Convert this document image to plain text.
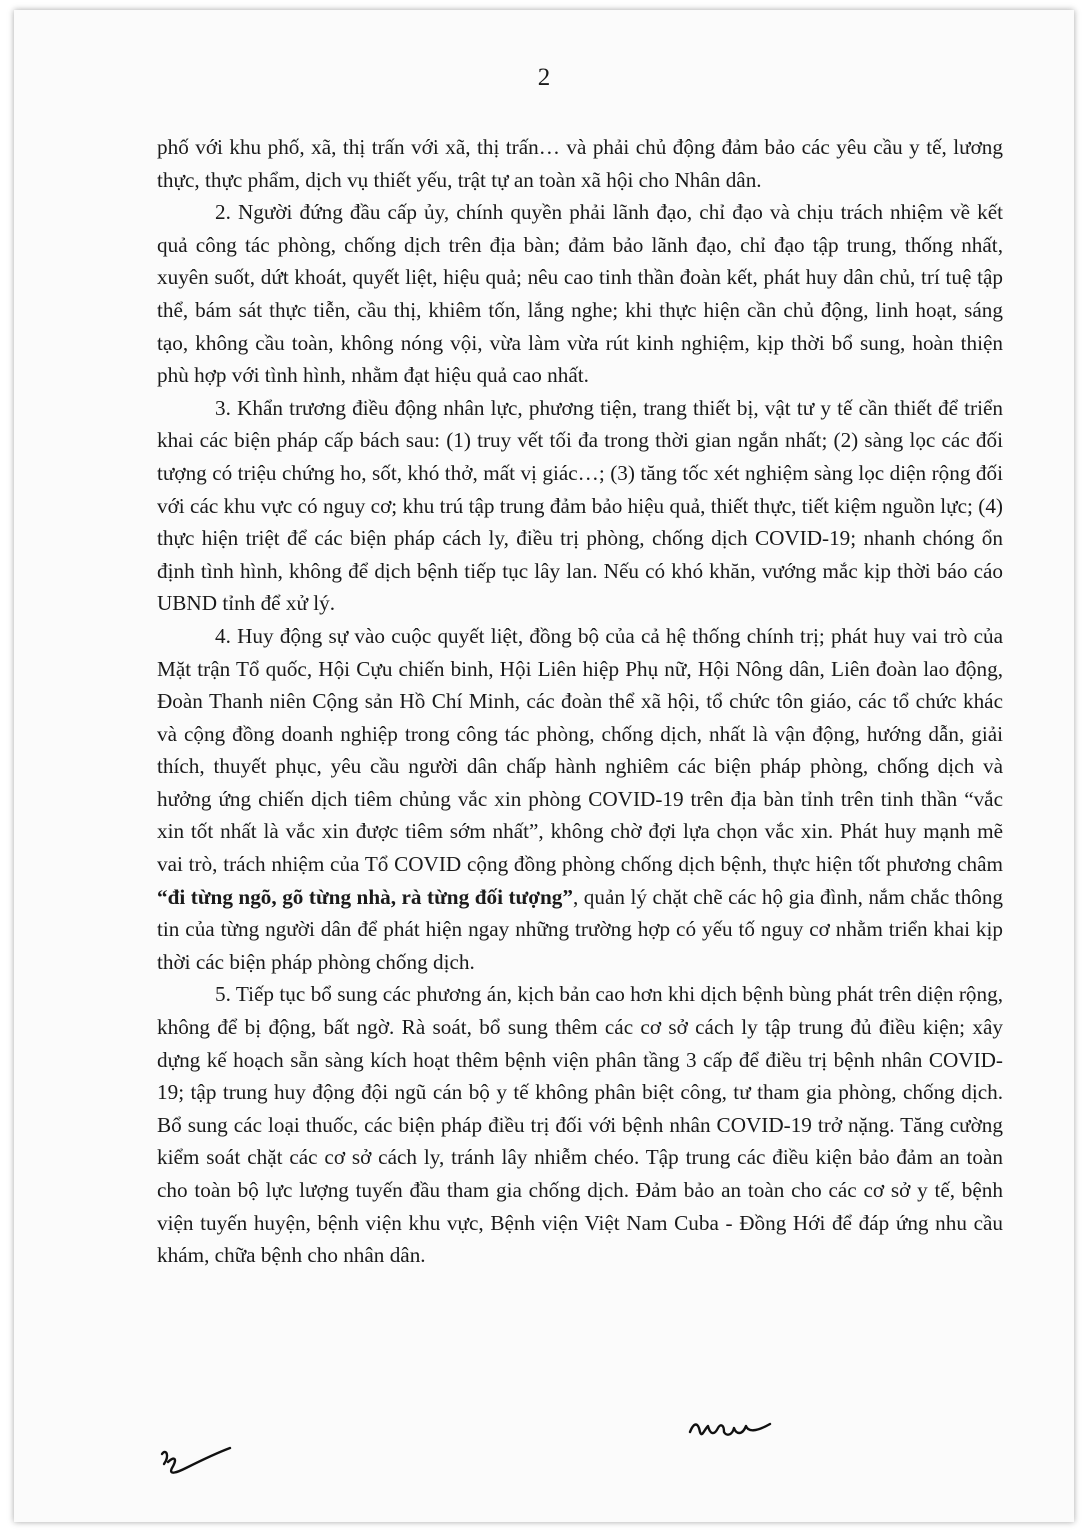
2

phố với khu phố, xã, thị trấn với xã, thị trấn… và phải chủ động đảm bảo các yêu cầu y tế, lương thực, thực phẩm, dịch vụ thiết yếu, trật tự an toàn xã hội cho Nhân dân.

2. Người đứng đầu cấp ủy, chính quyền phải lãnh đạo, chỉ đạo và chịu trách nhiệm về kết quả công tác phòng, chống dịch trên địa bàn; đảm bảo lãnh đạo, chỉ đạo tập trung, thống nhất, xuyên suốt, dứt khoát, quyết liệt, hiệu quả; nêu cao tinh thần đoàn kết, phát huy dân chủ, trí tuệ tập thể, bám sát thực tiễn, cầu thị, khiêm tốn, lắng nghe; khi thực hiện cần chủ động, linh hoạt, sáng tạo, không cầu toàn, không nóng vội, vừa làm vừa rút kinh nghiệm, kịp thời bổ sung, hoàn thiện phù hợp với tình hình, nhằm đạt hiệu quả cao nhất.

3. Khẩn trương điều động nhân lực, phương tiện, trang thiết bị, vật tư y tế cần thiết để triển khai các biện pháp cấp bách sau: (1) truy vết tối đa trong thời gian ngắn nhất; (2) sàng lọc các đối tượng có triệu chứng ho, sốt, khó thở, mất vị giác…; (3) tăng tốc xét nghiệm sàng lọc diện rộng đối với các khu vực có nguy cơ; khu trú tập trung đảm bảo hiệu quả, thiết thực, tiết kiệm nguồn lực; (4) thực hiện triệt để các biện pháp cách ly, điều trị phòng, chống dịch COVID-19; nhanh chóng ổn định tình hình, không để dịch bệnh tiếp tục lây lan. Nếu có khó khăn, vướng mắc kịp thời báo cáo UBND tỉnh để xử lý.

4. Huy động sự vào cuộc quyết liệt, đồng bộ của cả hệ thống chính trị; phát huy vai trò của Mặt trận Tổ quốc, Hội Cựu chiến binh, Hội Liên hiệp Phụ nữ, Hội Nông dân, Liên đoàn lao động, Đoàn Thanh niên Cộng sản Hồ Chí Minh, các đoàn thể xã hội, tổ chức tôn giáo, các tổ chức khác và cộng đồng doanh nghiệp trong công tác phòng, chống dịch, nhất là vận động, hướng dẫn, giải thích, thuyết phục, yêu cầu người dân chấp hành nghiêm các biện pháp phòng, chống dịch và hưởng ứng chiến dịch tiêm chủng vắc xin phòng COVID-19 trên địa bàn tỉnh trên tinh thần “vắc xin tốt nhất là vắc xin được tiêm sớm nhất”, không chờ đợi lựa chọn vắc xin. Phát huy mạnh mẽ vai trò, trách nhiệm của Tổ COVID cộng đồng phòng chống dịch bệnh, thực hiện tốt phương châm “đi từng ngõ, gõ từng nhà, rà từng đối tượng”, quản lý chặt chẽ các hộ gia đình, nắm chắc thông tin của từng người dân để phát hiện ngay những trường hợp có yếu tố nguy cơ nhằm triển khai kịp thời các biện pháp phòng chống dịch.

5. Tiếp tục bổ sung các phương án, kịch bản cao hơn khi dịch bệnh bùng phát trên diện rộng, không để bị động, bất ngờ. Rà soát, bổ sung thêm các cơ sở cách ly tập trung đủ điều kiện; xây dựng kế hoạch sẵn sàng kích hoạt thêm bệnh viện phân tầng 3 cấp để điều trị bệnh nhân COVID-19; tập trung huy động đội ngũ cán bộ y tế không phân biệt công, tư tham gia phòng, chống dịch. Bổ sung các loại thuốc, các biện pháp điều trị đối với bệnh nhân COVID-19 trở nặng. Tăng cường kiểm soát chặt các cơ sở cách ly, tránh lây nhiễm chéo. Tập trung các điều kiện bảo đảm an toàn cho toàn bộ lực lượng tuyến đầu tham gia chống dịch. Đảm bảo an toàn cho các cơ sở y tế, bệnh viện tuyến huyện, bệnh viện khu vực, Bệnh viện Việt Nam Cuba - Đồng Hới để đáp ứng nhu cầu khám, chữa bệnh cho nhân dân.
